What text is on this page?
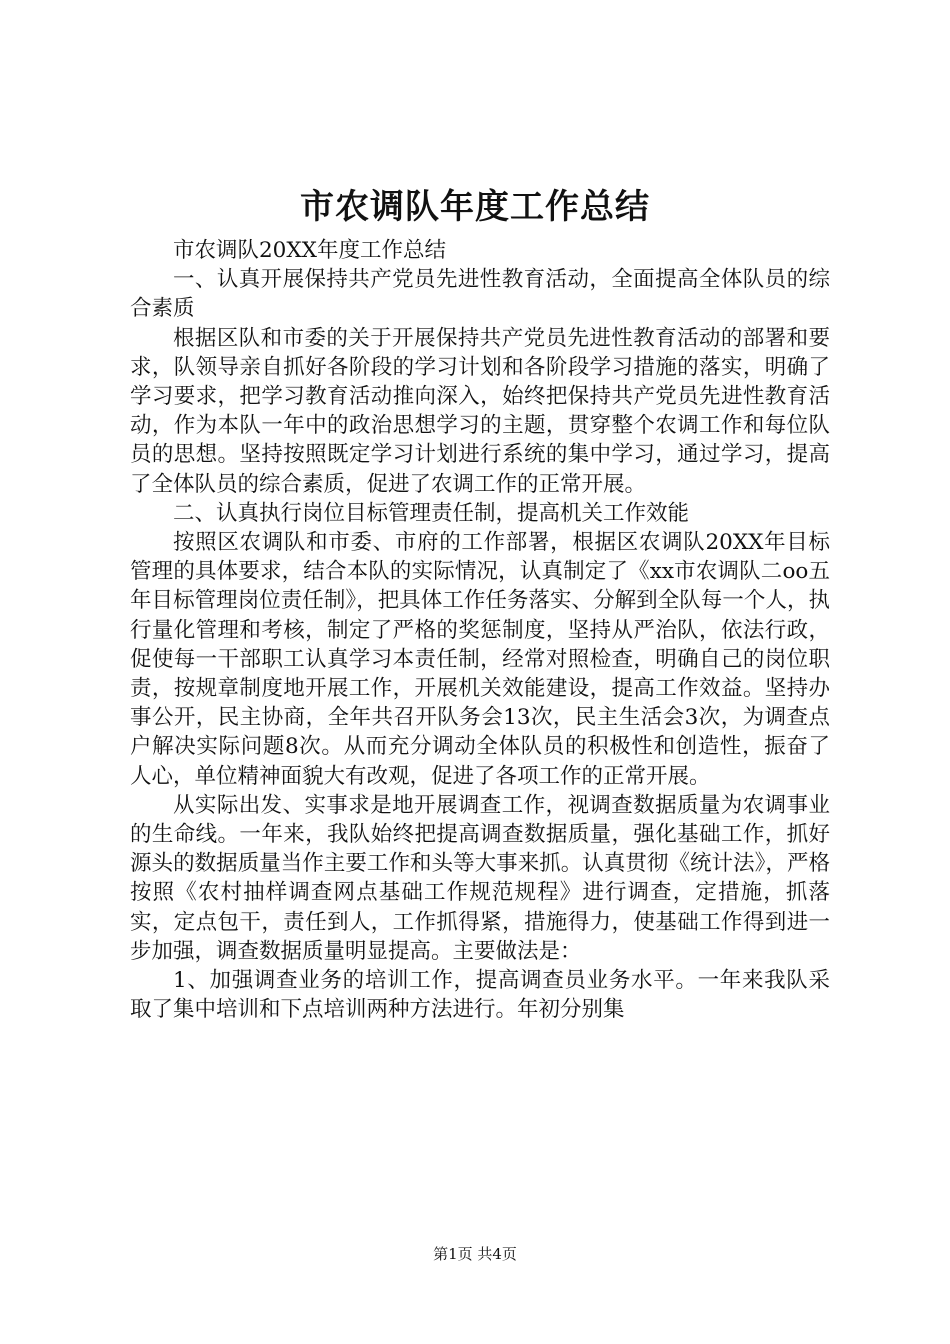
市农调队年度工作总结

市农调队20XX年度工作总结

一、认真开展保持共产党员先进性教育活动，全面提高全体队员的综合素质

根据区队和市委的关于开展保持共产党员先进性教育活动的部署和要求，队领导亲自抓好各阶段的学习计划和各阶段学习措施的落实，明确了学习要求，把学习教育活动推向深入，始终把保持共产党员先进性教育活动，作为本队一年中的政治思想学习的主题，贯穿整个农调工作和每位队员的思想。坚持按照既定学习计划进行系统的集中学习，通过学习，提高了全体队员的综合素质，促进了农调工作的正常开展。

二、认真执行岗位目标管理责任制，提高机关工作效能

按照区农调队和市委、市府的工作部署，根据区农调队20XX年目标管理的具体要求，结合本队的实际情况，认真制定了《xx市农调队二oo五年目标管理岗位责任制》，把具体工作任务落实、分解到全队每一个人，执行量化管理和考核，制定了严格的奖惩制度，坚持从严治队，依法行政，促使每一干部职工认真学习本责任制，经常对照检查，明确自己的岗位职责，按规章制度地开展工作，开展机关效能建设，提高工作效益。坚持办事公开，民主协商，全年共召开队务会13次，民主生活会3次，为调查点户解决实际问题8次。从而充分调动全体队员的积极性和创造性，振奋了人心，单位精神面貌大有改观，促进了各项工作的正常开展。

从实际出发、实事求是地开展调查工作，视调查数据质量为农调事业的生命线。一年来，我队始终把提高调查数据质量，强化基础工作，抓好源头的数据质量当作主要工作和头等大事来抓。认真贯彻《统计法》，严格按照《农村抽样调查网点基础工作规范规程》进行调查，定措施，抓落实，定点包干，责任到人，工作抓得紧，措施得力，使基础工作得到进一步加强，调查数据质量明显提高。主要做法是：

1、加强调查业务的培训工作，提高调查员业务水平。一年来我队采取了集中培训和下点培训两种方法进行。年初分别集

第1页 共4页
